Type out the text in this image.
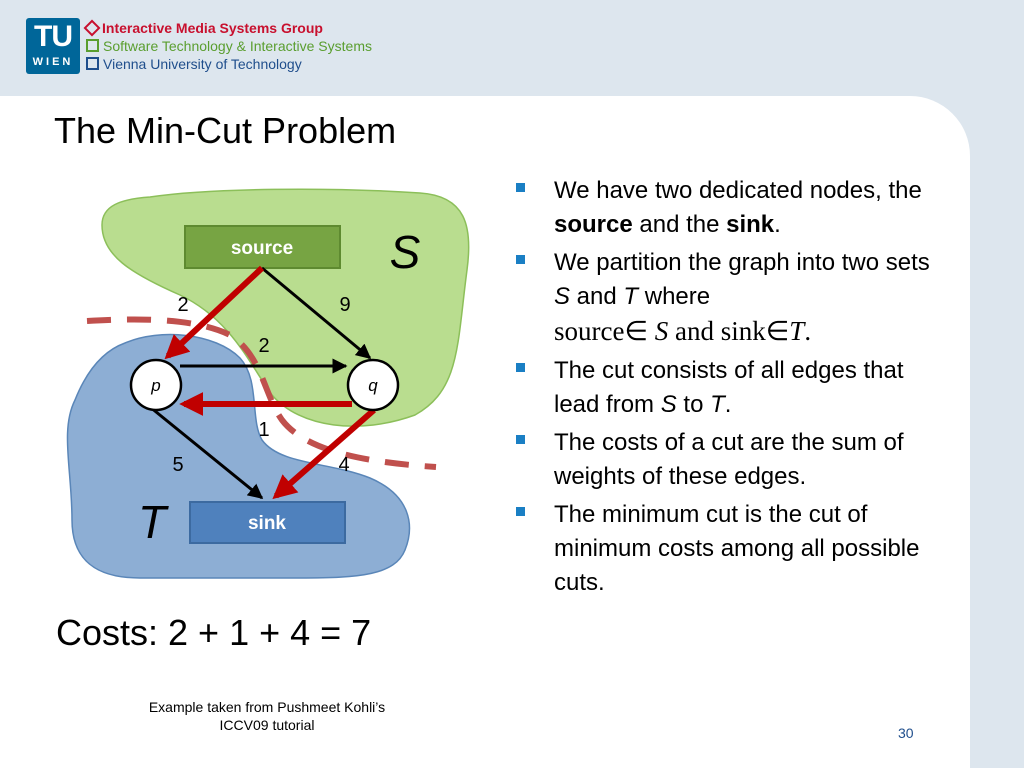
TU
WIEN
Interactive Media Systems Group
Software Technology & Interactive Systems
Vienna University of Technology
The Min-Cut Problem
source
sink
S
T
p	q
2	9
2
1
5	4
Costs: 2 + 1 + 4 = 7
Example taken from Pushmeet Kohli’s
ICCV09 tutorial
We have two dedicated nodes, the source and the sink.
We partition the graph into two sets S and T where
source∈ S and sink∈T.
The cut consists of all edges that lead from S to T.
The costs of a cut are the sum of weights of these edges.
The minimum cut is the cut of minimum costs among all possible cuts.
30
